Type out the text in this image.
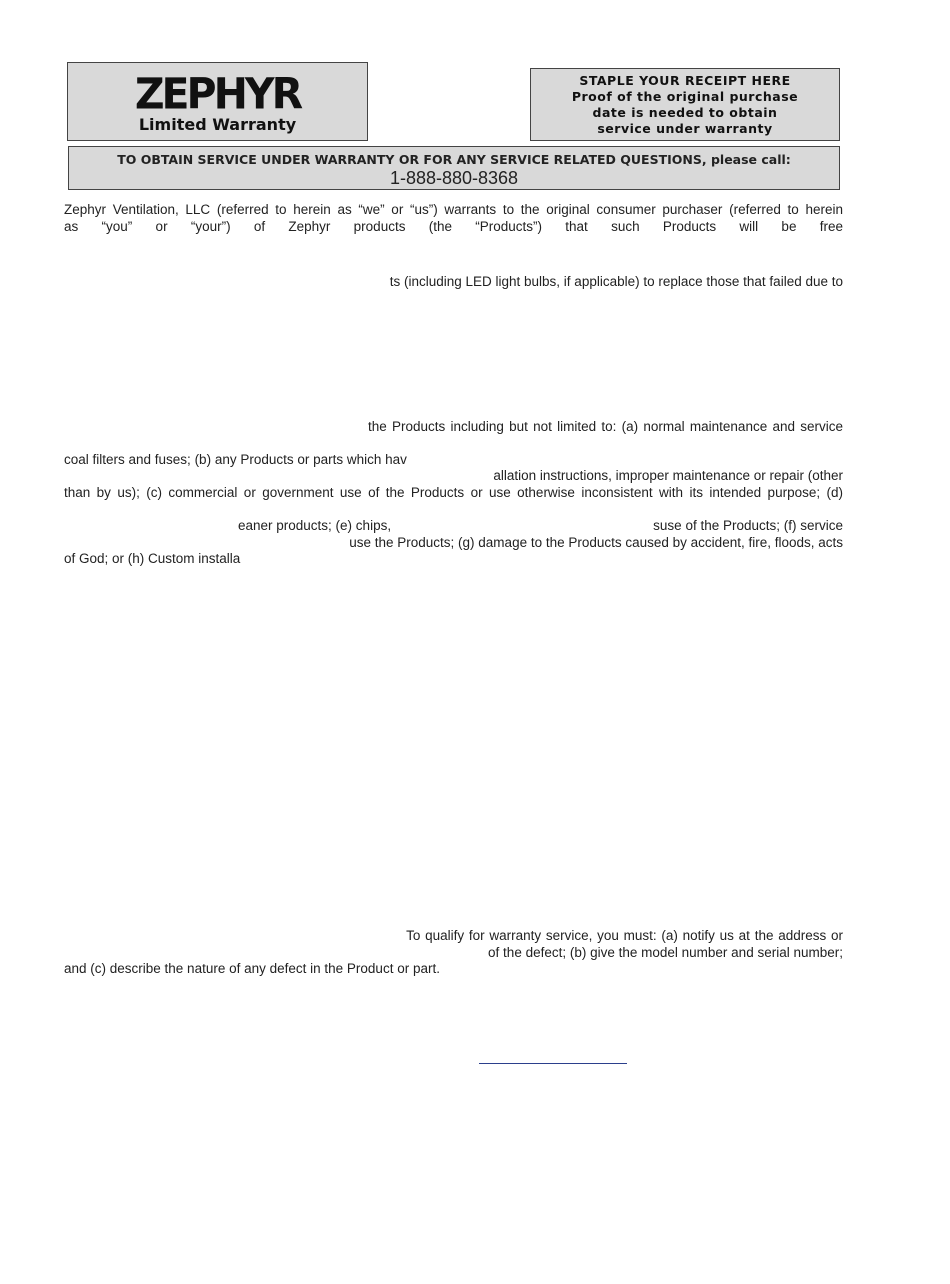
ZEPHYR
Limited Warranty
STAPLE YOUR RECEIPT HERE
Proof of the original purchase
date is needed to obtain
service under warranty
TO OBTAIN SERVICE UNDER WARRANTY OR FOR ANY SERVICE RELATED QUESTIONS, please call:
1-888-880-8368
Zephyr Ventilation, LLC (referred to herein as “we” or “us”) warrants to the original consumer purchaser (referred to herein
as “you” or “your”) of Zephyr products (the “Products”) that such Products will be free
ts (including LED light bulbs, if applicable) to replace those that failed due to
the Products including but not limited to: (a) normal maintenance and service
coal filters and fuses; (b) any Products or parts which hav
allation instructions, improper maintenance or repair (other
than by us); (c) commercial or government use of the Products or use otherwise inconsistent with its intended purpose; (d)
eaner products; (e) chips,	suse of the Products; (f) service
use the Products; (g) damage to the Products caused by accident, fire, floods, acts
of God; or (h) Custom installa
To qualify for warranty service, you must: (a) notify us at the address or
of the defect; (b) give the model number and serial number;
and (c) describe the nature of any defect in the Product or part.
